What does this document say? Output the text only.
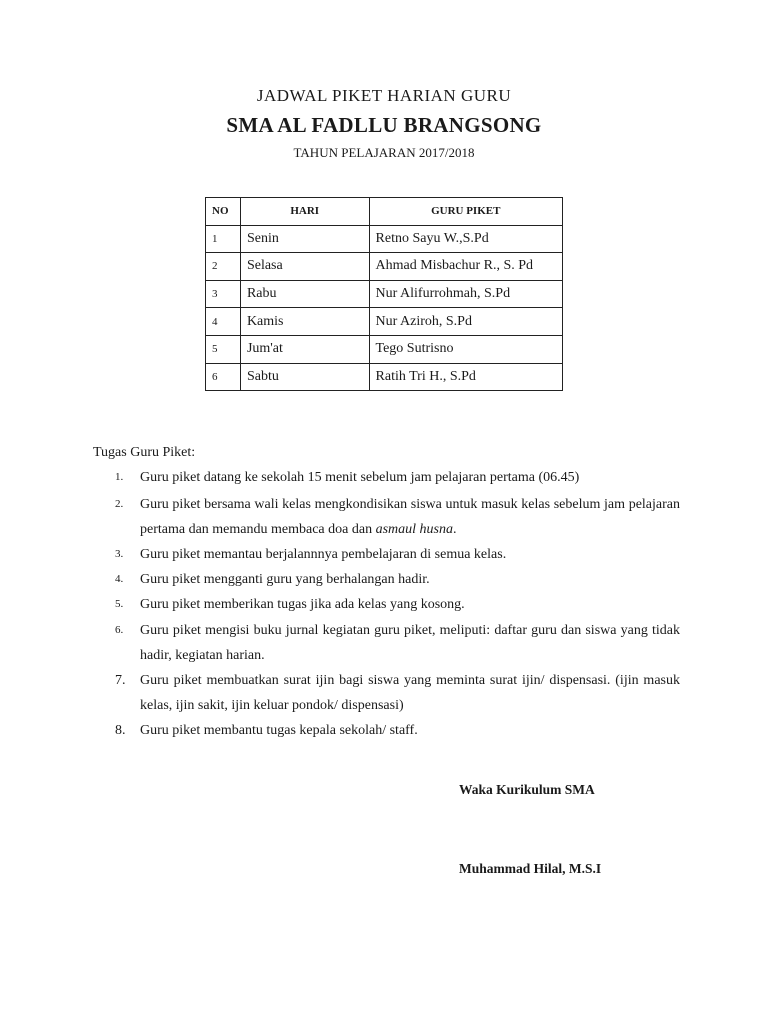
JADWAL PIKET HARIAN GURU
SMA AL FADLLU BRANGSONG
TAHUN PELAJARAN 2017/2018
NO	HARI	GURU PIKET
1	Senin	Retno Sayu W.,S.Pd
2	Selasa	Ahmad Misbachur R., S. Pd
3	Rabu	Nur Alifurrohmah, S.Pd
4	Kamis	Nur Aziroh, S.Pd
5	Jum'at	Tego Sutrisno
6	Sabtu	Ratih Tri H., S.Pd
Tugas Guru Piket:
1.	Guru piket datang ke sekolah 15 menit sebelum jam pelajaran pertama (06.45)
2.	Guru piket bersama wali kelas mengkondisikan siswa untuk masuk kelas sebelum jam pelajaran pertama dan memandu membaca doa dan asmaul husna.
3.	Guru piket memantau berjalannnya pembelajaran di semua kelas.
4.	Guru piket mengganti guru yang berhalangan hadir.
5.	Guru piket memberikan tugas jika ada kelas yang kosong.
6.	Guru piket mengisi buku jurnal kegiatan guru piket, meliputi: daftar guru dan siswa yang tidak hadir, kegiatan harian.
7.	Guru piket membuatkan surat ijin bagi siswa yang meminta surat ijin/ dispensasi. (ijin masuk kelas, ijin sakit, ijin keluar pondok/ dispensasi)
8.	Guru piket membantu tugas kepala sekolah/ staff.
Waka Kurikulum SMA
Muhammad Hilal, M.S.I
